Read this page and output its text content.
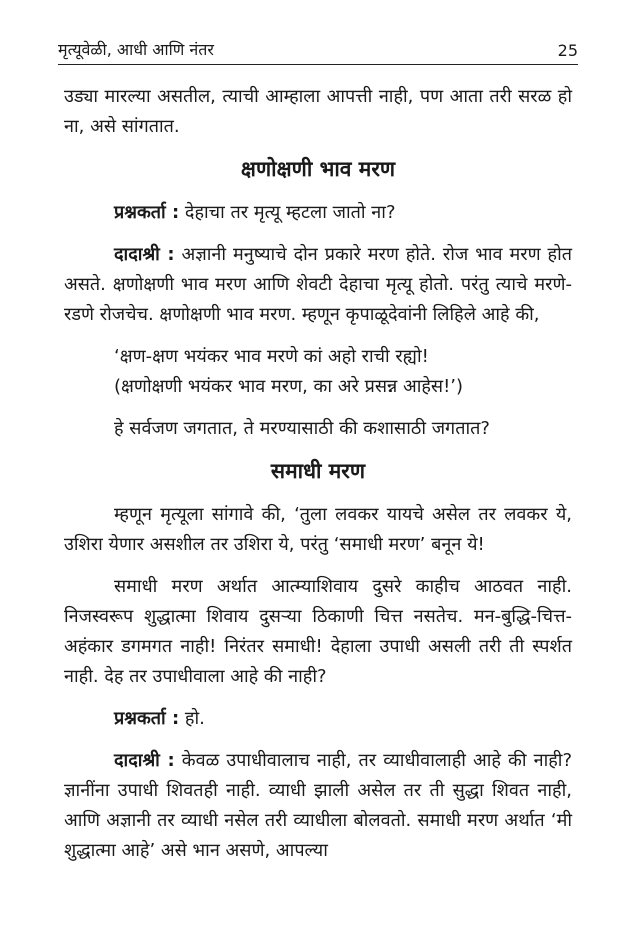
मृत्यूवेळी, आधी आणि नंतर	25

उड्या मारल्या असतील, त्याची आम्हाला आपत्ती नाही, पण आता तरी सरळ हो ना, असे सांगतात.

क्षणोक्षणी भाव मरण

प्रश्नकर्ता : देहाचा तर मृत्यू म्हटला जातो ना?

दादाश्री : अज्ञानी मनुष्याचे दोन प्रकारे मरण होते. रोज भाव मरण होत असते. क्षणोक्षणी भाव मरण आणि शेवटी देहाचा मृत्यू होतो. परंतु त्याचे मरणे-रडणे रोजचेच. क्षणोक्षणी भाव मरण. म्हणून कृपाळूदेवांनी लिहिले आहे की,

‘क्षण-क्षण भयंकर भाव मरणे कां अहो राची रह्यो!
(क्षणोक्षणी भयंकर भाव मरण, का अरे प्रसन्न आहेस!’)

हे सर्वजण जगतात, ते मरण्यासाठी की कशासाठी जगतात?

समाधी मरण

म्हणून मृत्यूला सांगावे की, ‘तुला लवकर यायचे असेल तर लवकर ये, उशिरा येणार असशील तर उशिरा ये, परंतु ‘समाधी मरण’ बनून ये!

समाधी मरण अर्थात आत्म्याशिवाय दुसरे काहीच आठवत नाही. निजस्वरूप शुद्धात्मा शिवाय दुसऱ्या ठिकाणी चित्त नसतेच. मन-बुद्धि-चित्त-अहंकार डगमगत नाही! निरंतर समाधी! देहाला उपाधी असली तरी ती स्पर्शत नाही. देह तर उपाधीवाला आहे की नाही?

प्रश्नकर्ता : हो.

दादाश्री : केवळ उपाधीवालाच नाही, तर व्याधीवालाही आहे की नाही? ज्ञानींना उपाधी शिवतही नाही. व्याधी झाली असेल तर ती सुद्धा शिवत नाही, आणि अज्ञानी तर व्याधी नसेल तरी व्याधीला बोलवतो. समाधी मरण अर्थात ‘मी शुद्धात्मा आहे’ असे भान असणे, आपल्या
